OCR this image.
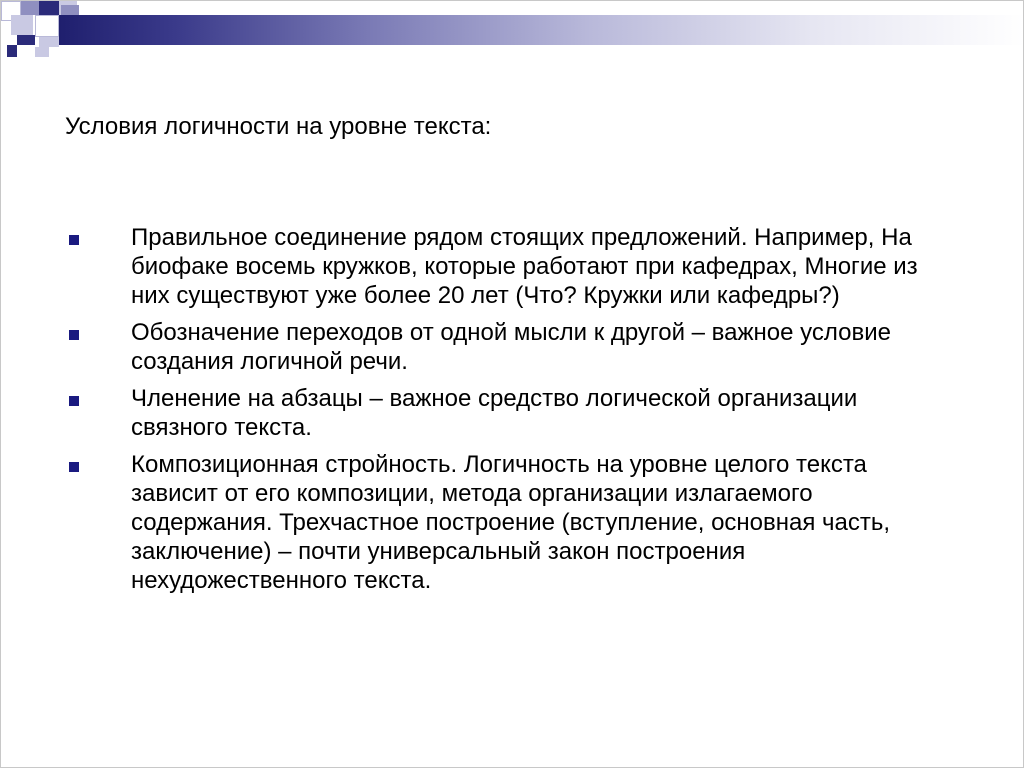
Условия логичности на уровне текста:
Правильное соединение рядом стоящих предложений. Например, На биофаке восемь кружков, которые работают при кафедрах, Многие из них существуют уже более 20 лет (Что? Кружки или кафедры?)
Обозначение переходов от одной мысли к другой – важное условие создания логичной речи.
Членение на абзацы – важное средство логической организации связного текста.
Композиционная стройность. Логичность на уровне целого текста зависит от его композиции, метода организации излагаемого содержания. Трехчастное построение (вступление, основная часть, заключение) – почти универсальный закон построения нехудожественного текста.
